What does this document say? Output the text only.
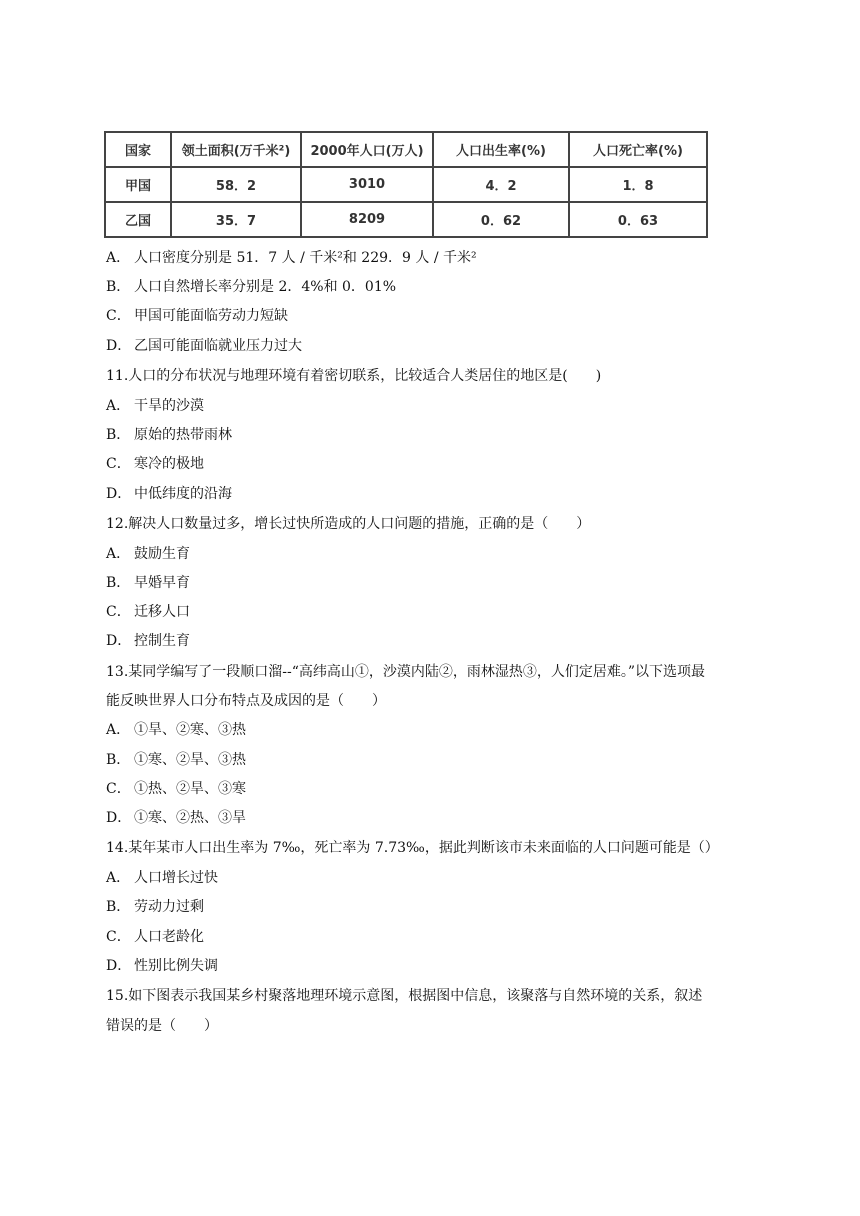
国家	领土面积(万千米²)	2000年人口(万人)	人口出生率(%)	人口死亡率(%)
甲国	58．2	3010	4．2	1．8
乙国	35．7	8209	0．62	0．63
A． 人口密度分别是 51．7 人 / 千米²和 229．9 人 / 千米²
B． 人口自然增长率分别是 2．4%和 0．01%
C． 甲国可能面临劳动力短缺
D． 乙国可能面临就业压力过大
11.人口的分布状况与地理环境有着密切联系，比较适合人类居住的地区是(　　)
A． 干旱的沙漠
B． 原始的热带雨林
C． 寒冷的极地
D． 中低纬度的沿海
12.解决人口数量过多，增长过快所造成的人口问题的措施，正确的是（　　）
A． 鼓励生育
B． 早婚早育
C． 迁移人口
D． 控制生育
13.某同学编写了一段顺口溜--“高纬高山①，沙漠内陆②，雨林湿热③，人们定居难。”以下选项最
能反映世界人口分布特点及成因的是（　　）
A． ①旱、②寒、③热
B． ①寒、②旱、③热
C． ①热、②旱、③寒
D． ①寒、②热、③旱
14.某年某市人口出生率为 7‰，死亡率为 7.73‰，据此判断该市未来面临的人口问题可能是（）
A． 人口增长过快
B． 劳动力过剩
C． 人口老龄化
D． 性别比例失调
15.如下图表示我国某乡村聚落地理环境示意图，根据图中信息，该聚落与自然环境的关系，叙述
错误的是（　　）
